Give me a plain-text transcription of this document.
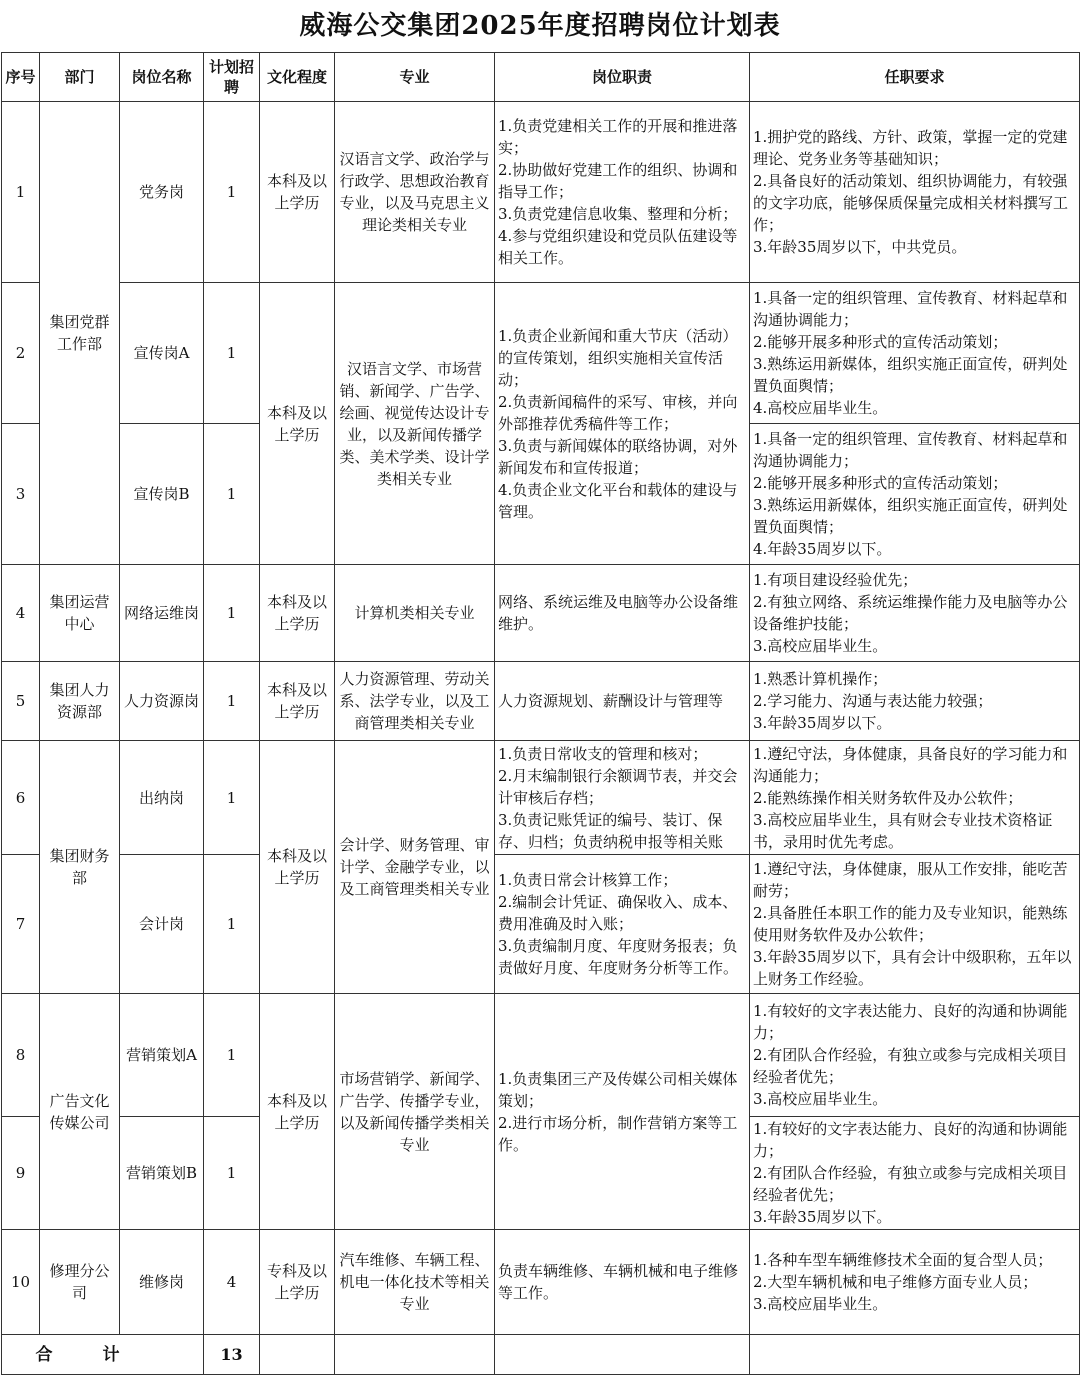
威海公交集团2025年度招聘岗位计划表
序号	部门	岗位名称	计划招聘	文化程度	专业	岗位职责	任职要求
1	集团党群工作部	党务岗	1	本科及以上学历	汉语言文学、政治学与行政学、思想政治教育专业，以及马克思主义理论类相关专业	1.负责党建相关工作的开展和推进落实；
2.协助做好党建工作的组织、协调和指导工作；
3.负责党建信息收集、整理和分析；
4.参与党组织建设和党员队伍建设等相关工作。	1.拥护党的路线、方针、政策，掌握一定的党建理论、党务业务等基础知识；
2.具备良好的活动策划、组织协调能力，有较强的文字功底，能够保质保量完成相关材料撰写工作；
3.年龄35周岁以下，中共党员。
2		宣传岗A	1	本科及以上学历	汉语言文学、市场营销、新闻学、广告学、绘画、视觉传达设计专业，以及新闻传播学类、美术学类、设计学类相关专业	1.负责企业新闻和重大节庆（活动）的宣传策划，组织实施相关宣传活动；
2.负责新闻稿件的采写、审核，并向外部推荐优秀稿件等工作；
3.负责与新闻媒体的联络协调，对外新闻发布和宣传报道；
4.负责企业文化平台和载体的建设与管理。	1.具备一定的组织管理、宣传教育、材料起草和沟通协调能力；
2.能够开展多种形式的宣传活动策划；
3.熟练运用新媒体，组织实施正面宣传，研判处置负面舆情；
4.高校应届毕业生。
3		宣传岗B	1				1.具备一定的组织管理、宣传教育、材料起草和沟通协调能力；
2.能够开展多种形式的宣传活动策划；
3.熟练运用新媒体，组织实施正面宣传，研判处置负面舆情；
4.年龄35周岁以下。
4	集团运营中心	网络运维岗	1	本科及以上学历	计算机类相关专业	网络、系统运维及电脑等办公设备维维护。	1.有项目建设经验优先；
2.有独立网络、系统运维操作能力及电脑等办公设备维护技能；
3.高校应届毕业生。
5	集团人力资源部	人力资源岗	1	本科及以上学历	人力资源管理、劳动关系、法学专业，以及工商管理类相关专业	人力资源规划、薪酬设计与管理等	1.熟悉计算机操作；
2.学习能力、沟通与表达能力较强；
3.年龄35周岁以下。
6	集团财务部	出纳岗	1	本科及以上学历	会计学、财务管理、审计学、金融学专业，以及工商管理类相关专业	1.负责日常收支的管理和核对；
2.月末编制银行余额调节表，并交会计审核后存档；
3.负责记账凭证的编号、装订、保存、归档；负责纳税申报等相关账	1.遵纪守法，身体健康，具备良好的学习能力和沟通能力；
2.能熟练操作相关财务软件及办公软件；
3.高校应届毕业生，具有财会专业技术资格证书，录用时优先考虑。
7		会计岗	1			1.负责日常会计核算工作；
2.编制会计凭证、确保收入、成本、费用准确及时入账；
3.负责编制月度、年度财务报表；负责做好月度、年度财务分析等工作。	1.遵纪守法，身体健康，服从工作安排，能吃苦耐劳；
2.具备胜任本职工作的能力及专业知识，能熟练使用财务软件及办公软件；
3.年龄35周岁以下，具有会计中级职称，五年以上财务工作经验。
8	广告文化传媒公司	营销策划A	1	本科及以上学历	市场营销学、新闻学、广告学、传播学专业，以及新闻传播学类相关专业	1.负责集团三产及传媒公司相关媒体策划；
2.进行市场分析，制作营销方案等工作。	1.有较好的文字表达能力、良好的沟通和协调能力；
2.有团队合作经验，有独立或参与完成相关项目经验者优先；
3.高校应届毕业生。
9		营销策划B	1				1.有较好的文字表达能力、良好的沟通和协调能力；
2.有团队合作经验，有独立或参与完成相关项目经验者优先；
3.年龄35周岁以下。
10	修理分公司	维修岗	4	专科及以上学历	汽车维修、车辆工程、机电一体化技术等相关专业	负责车辆维修、车辆机械和电子维修等工作。	1.各种车型车辆维修技术全面的复合型人员；
2.大型车辆机械和电子维修方面专业人员；
3.高校应届毕业生。
合计			13				
